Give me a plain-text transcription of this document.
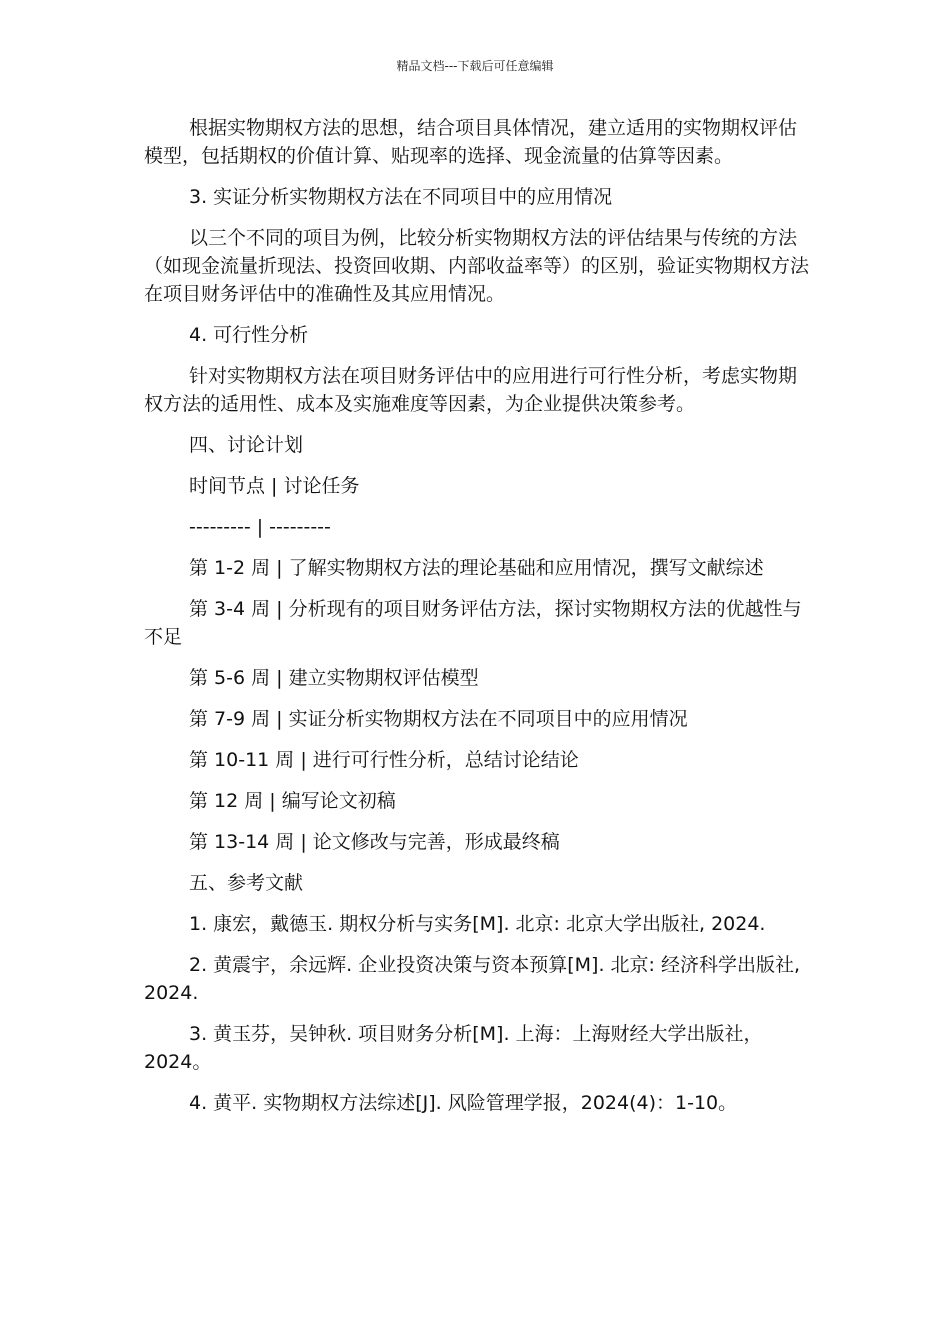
精品文档---下载后可任意编辑

根据实物期权方法的思想，结合项目具体情况，建立适用的实物期权评估模型，包括期权的价值计算、贴现率的选择、现金流量的估算等因素。

3. 实证分析实物期权方法在不同项目中的应用情况

以三个不同的项目为例，比较分析实物期权方法的评估结果与传统的方法（如现金流量折现法、投资回收期、内部收益率等）的区别，验证实物期权方法在项目财务评估中的准确性及其应用情况。

4. 可行性分析

针对实物期权方法在项目财务评估中的应用进行可行性分析，考虑实物期权方法的适用性、成本及实施难度等因素，为企业提供决策参考。

四、讨论计划

时间节点 | 讨论任务

--------- | ---------

第 1-2 周 | 了解实物期权方法的理论基础和应用情况，撰写文献综述

第 3-4 周 | 分析现有的项目财务评估方法，探讨实物期权方法的优越性与不足

第 5-6 周 | 建立实物期权评估模型

第 7-9 周 | 实证分析实物期权方法在不同项目中的应用情况

第 10-11 周 | 进行可行性分析，总结讨论结论

第 12 周 | 编写论文初稿

第 13-14 周 | 论文修改与完善，形成最终稿

五、参考文献

1. 康宏，戴德玉. 期权分析与实务[M]. 北京: 北京大学出版社, 2024.

2. 黄震宇，余远辉. 企业投资决策与资本预算[M]. 北京: 经济科学出版社, 2024.

3. 黄玉芬，吴钟秋. 项目财务分析[M]. 上海：上海财经大学出版社，2024。

4. 黄平. 实物期权方法综述[J]. 风险管理学报，2024(4)：1-10。
